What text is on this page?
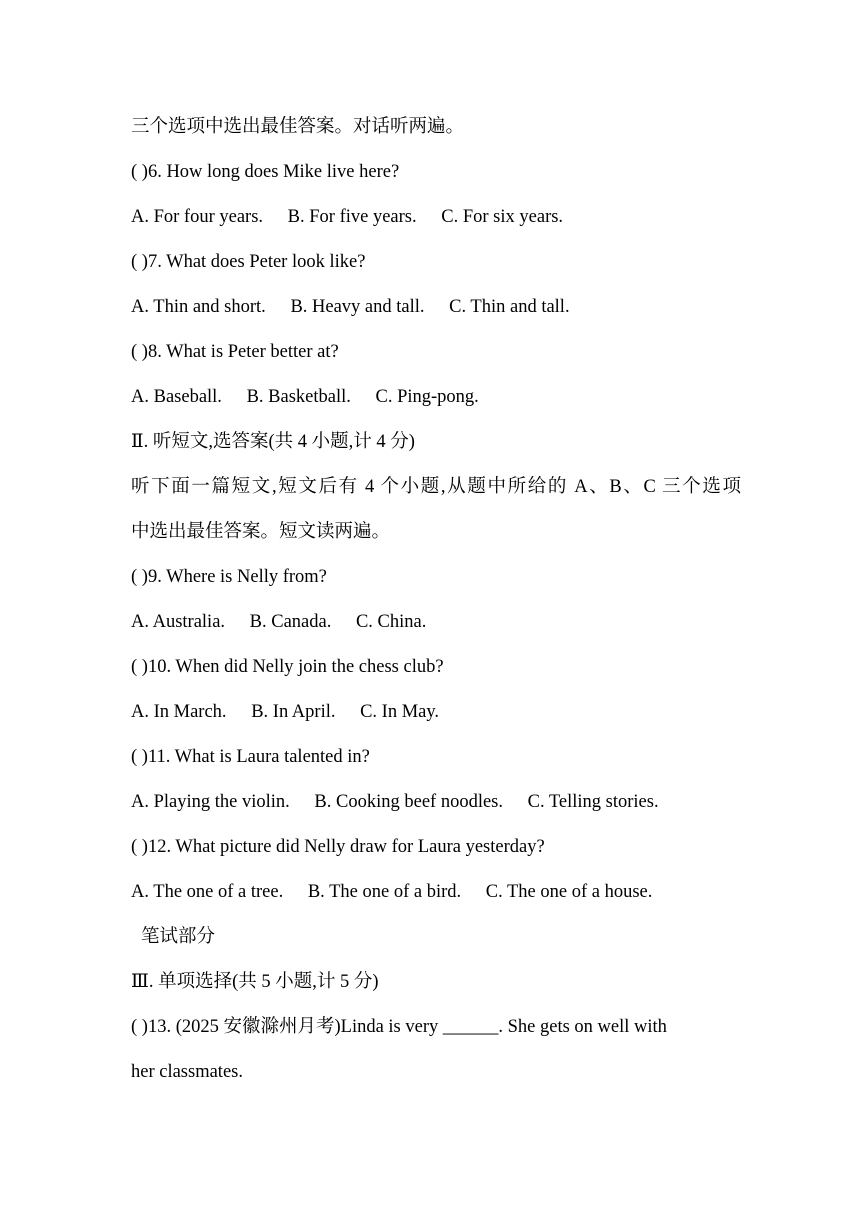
三个选项中选出最佳答案。对话听两遍。
( )6. How long does Mike live here?
A. For four years. B. For five years. C. For six years.
( )7. What does Peter look like?
A. Thin and short. B. Heavy and tall. C. Thin and tall.
( )8. What is Peter better at?
A. Baseball. B. Basketball. C. Ping-pong.
Ⅱ. 听短文,选答案(共 4 小题,计 4 分)
听下面一篇短文,短文后有 4 个小题,从题中所给的 A、B、C 三个选项
中选出最佳答案。短文读两遍。
( )9. Where is Nelly from?
A. Australia. B. Canada. C. China.
( )10. When did Nelly join the chess club?
A. In March. B. In April. C. In May.
( )11. What is Laura talented in?
A. Playing the violin. B. Cooking beef noodles. C. Telling stories.
( )12. What picture did Nelly draw for Laura yesterday?
A. The one of a tree. B. The one of a bird. C. The one of a house.
笔试部分
Ⅲ. 单项选择(共 5 小题,计 5 分)
( )13. (2025 安徽滁州月考)Linda is very ______. She gets on well with
her classmates.
